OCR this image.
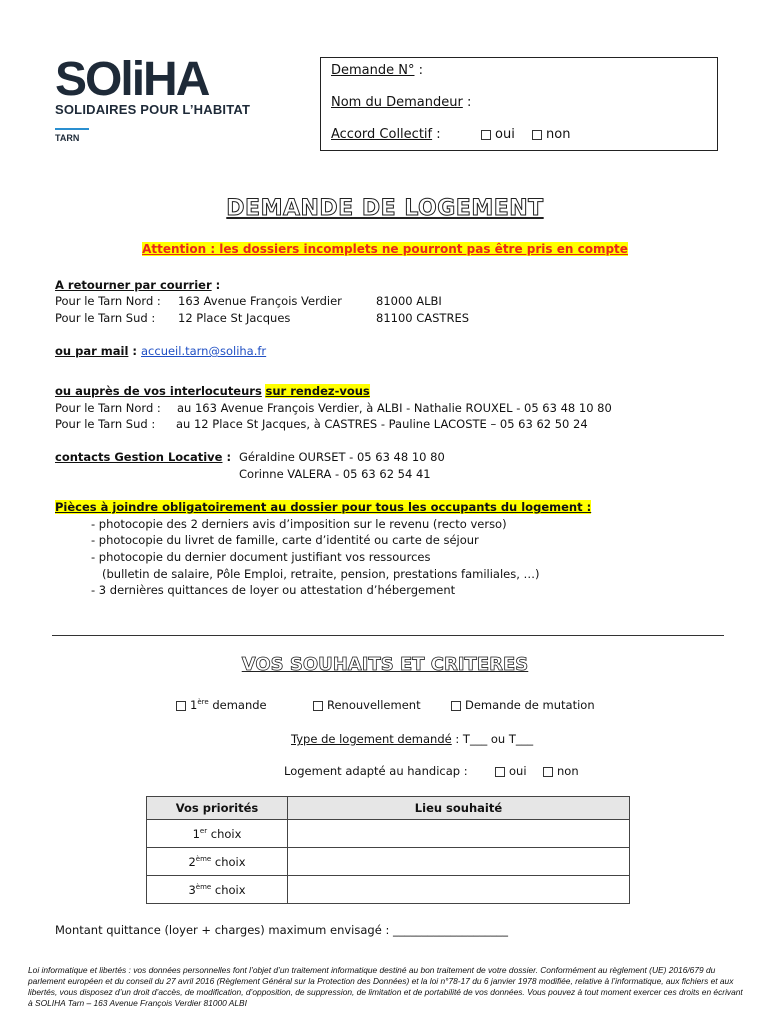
SOliHA
SOLIDAIRES POUR L’HABITAT
TARN
Demande N° :
Nom du Demandeur :
Accord Collectif :	oui	non
DEMANDE DE LOGEMENT
Attention : les dossiers incomplets ne pourront pas être pris en compte
A retourner par courrier :
Pour le Tarn Nord : 163 Avenue François Verdier	81000 ALBI
Pour le Tarn Sud : 12 Place St Jacques	81100 CASTRES
ou par mail : accueil.tarn@soliha.fr
ou auprès de vos interlocuteurs sur rendez-vous
Pour le Tarn Nord : au 163 Avenue François Verdier, à ALBI - Nathalie ROUXEL - 05 63 48 10 80
Pour le Tarn Sud : au 12 Place St Jacques, à CASTRES - Pauline LACOSTE – 05 63 62 50 24
contacts Gestion Locative : Géraldine OURSET - 05 63 48 10 80
Corinne VALERA - 05 63 62 54 41
Pièces à joindre obligatoirement au dossier pour tous les occupants du logement :
- photocopie des 2 derniers avis d’imposition sur le revenu (recto verso)
- photocopie du livret de famille, carte d’identité ou carte de séjour
- photocopie du dernier document justifiant vos ressources
(bulletin de salaire, Pôle Emploi, retraite, pension, prestations familiales, …)
- 3 dernières quittances de loyer ou attestation d’hébergement
VOS SOUHAITS ET CRITERES
1ère demande	Renouvellement	Demande de mutation
Type de logement demandé : T___ ou T___
Logement adapté au handicap :	oui	non
Vos priorités	Lieu souhaité
1er choix	
2ème choix	
3ème choix	
Montant quittance (loyer + charges) maximum envisagé : ____________________
Loi informatique et libertés : vos données personnelles font l’objet d’un traitement informatique destiné au bon traitement de votre dossier. Conformément au règlement (UE) 2016/679 du parlement européen et du conseil du 27 avril 2016 (Règlement Général sur la Protection des Données) et la loi n°78-17 du 6 janvier 1978 modifiée, relative à l’informatique, aux fichiers et aux libertés, vous disposez d’un droit d’accès, de modification, d’opposition, de suppression, de limitation et de portabilité de vos données. Vous pouvez à tout moment exercer ces droits en écrivant à SOLIHA Tarn – 163 Avenue François Verdier 81000 ALBI
